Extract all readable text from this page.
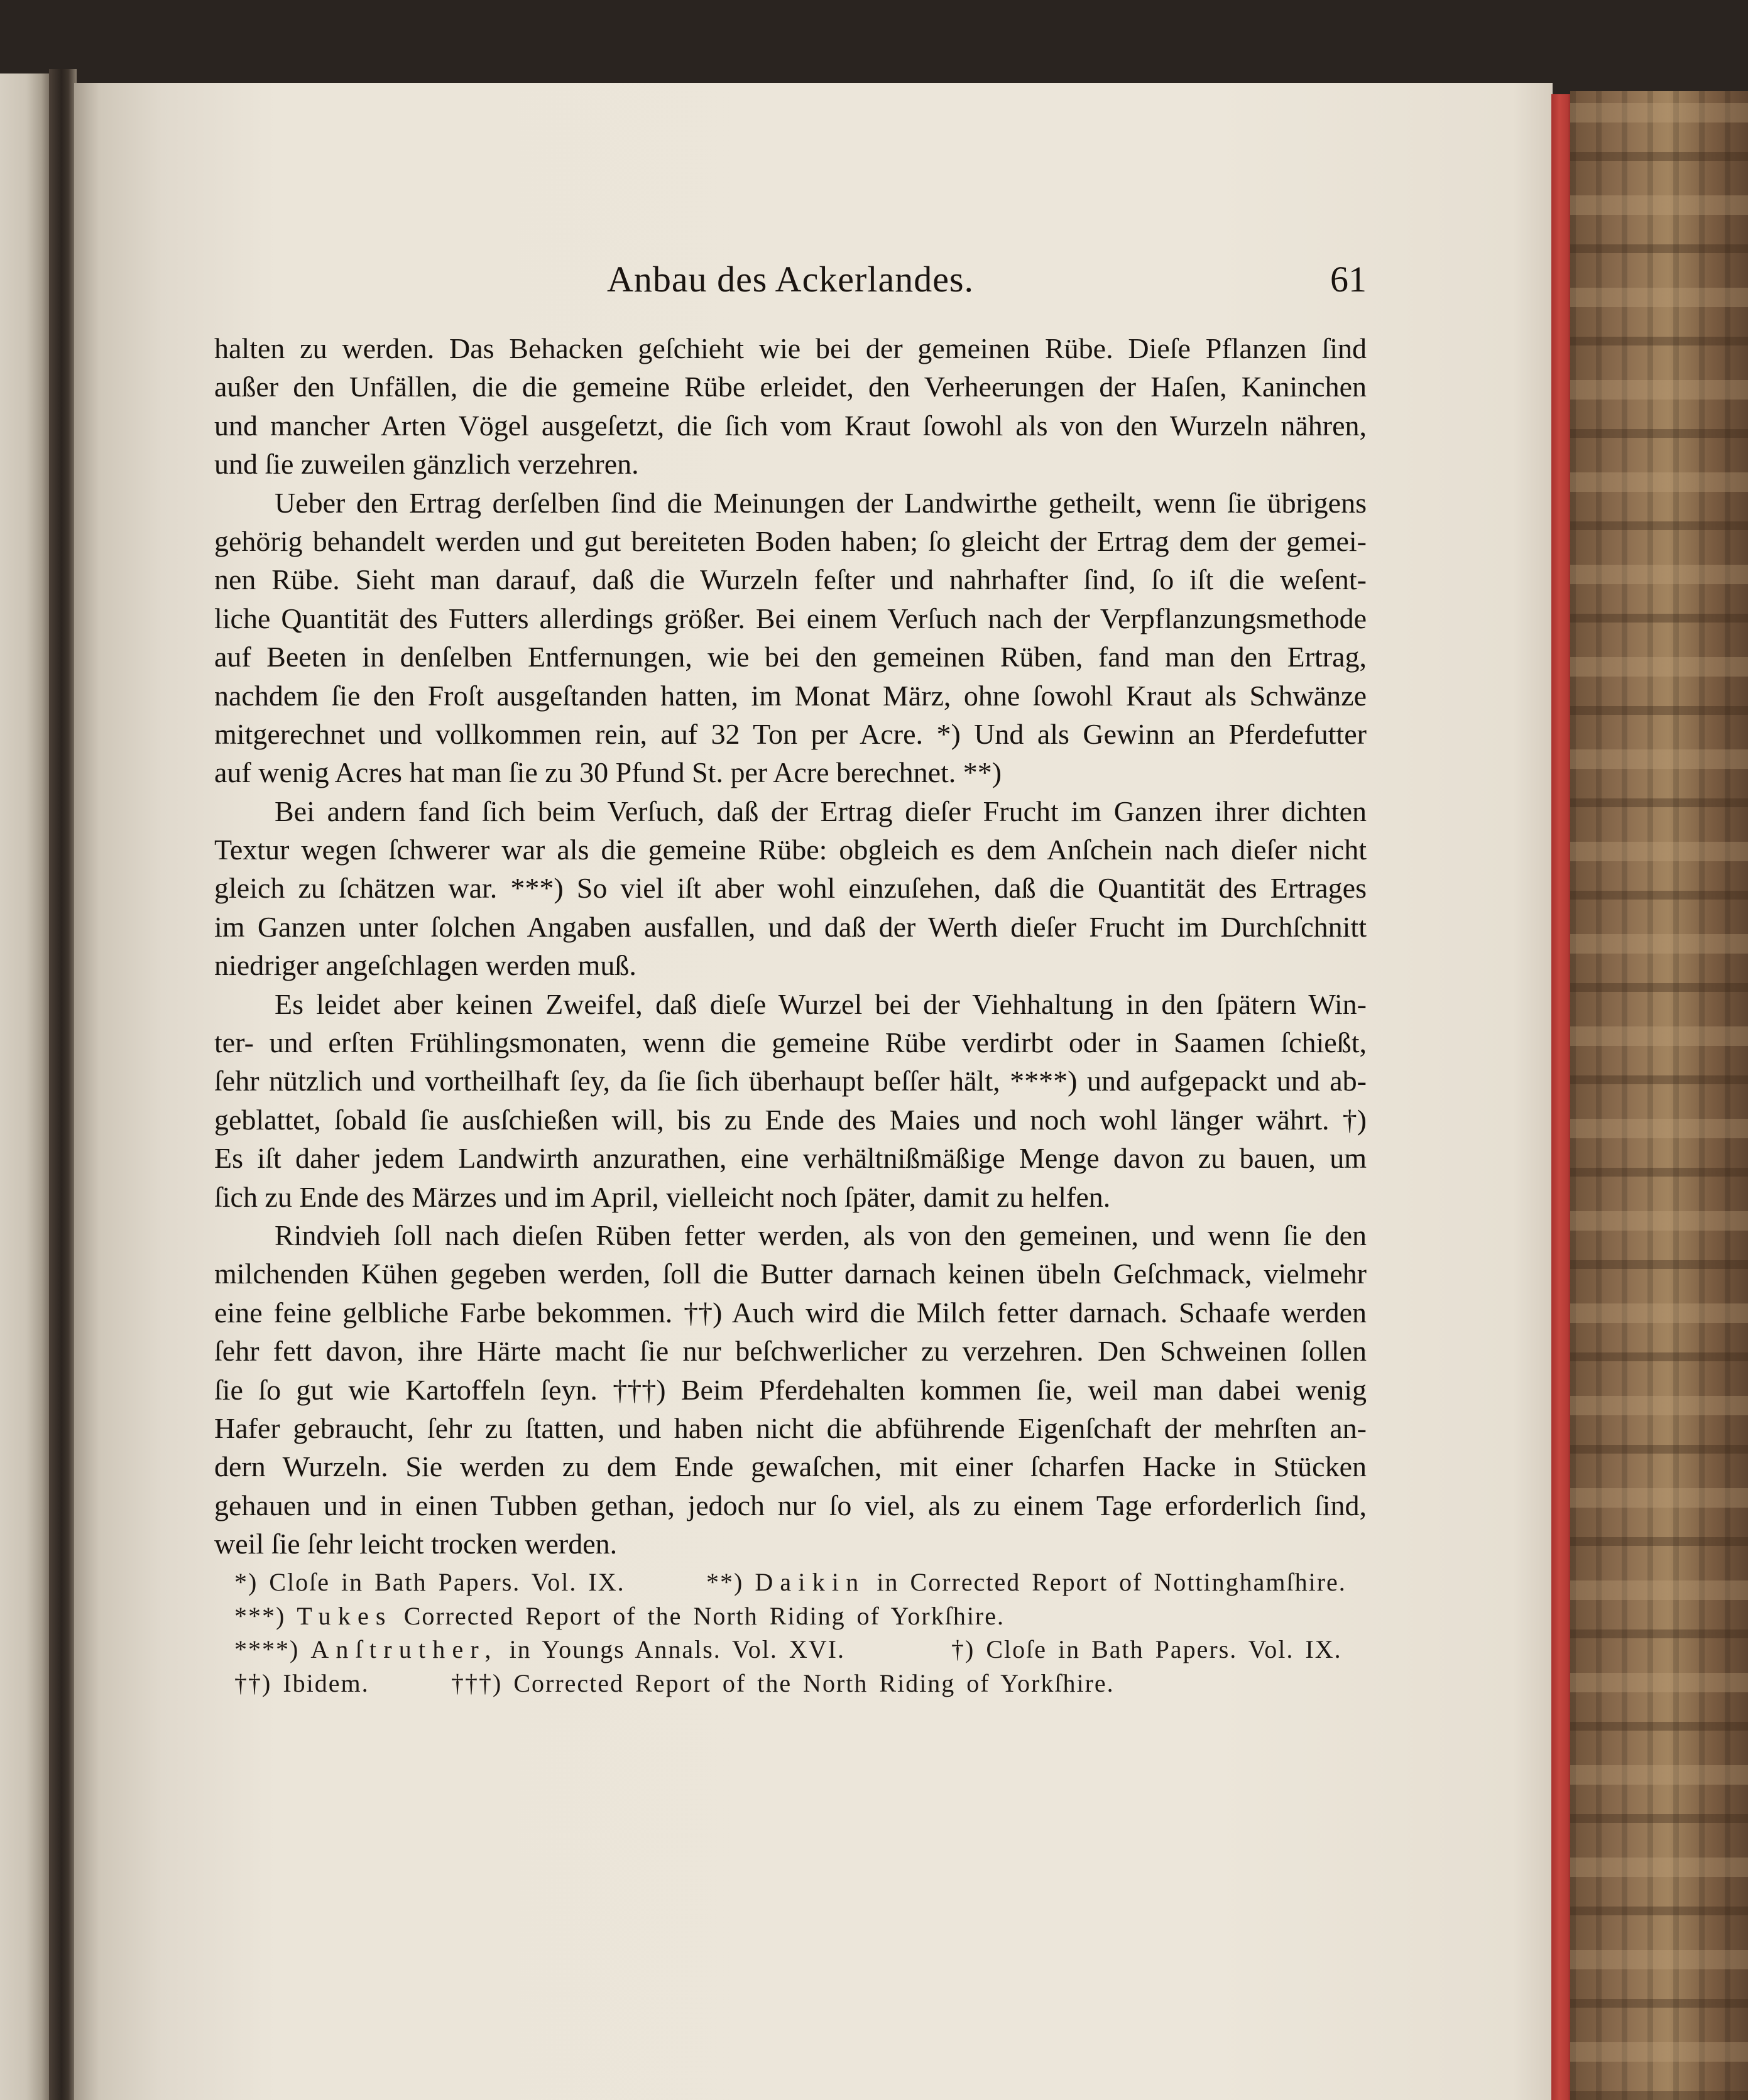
Anbau des Ackerlandes.	61
halten zu werden. Das Behacken geſchieht wie bei der gemeinen Rübe. Dieſe Pflanzen ſind
außer den Unfällen, die die gemeine Rübe erleidet, den Verheerungen der Haſen, Kaninchen
und mancher Arten Vögel ausgeſetzt, die ſich vom Kraut ſowohl als von den Wurzeln nähren,
und ſie zuweilen gänzlich verzehren.
Ueber den Ertrag derſelben ſind die Meinungen der Landwirthe getheilt, wenn ſie übrigens
gehörig behandelt werden und gut bereiteten Boden haben; ſo gleicht der Ertrag dem der gemei-
nen Rübe. Sieht man darauf, daß die Wurzeln feſter und nahrhafter ſind, ſo iſt die weſent-
liche Quantität des Futters allerdings größer. Bei einem Verſuch nach der Verpflanzungsmethode
auf Beeten in denſelben Entfernungen, wie bei den gemeinen Rüben, fand man den Ertrag,
nachdem ſie den Froſt ausgeſtanden hatten, im Monat März, ohne ſowohl Kraut als Schwänze
mitgerechnet und vollkommen rein, auf 32 Ton per Acre. *) Und als Gewinn an Pferdefutter
auf wenig Acres hat man ſie zu 30 Pfund St. per Acre berechnet. **)
Bei andern fand ſich beim Verſuch, daß der Ertrag dieſer Frucht im Ganzen ihrer dichten
Textur wegen ſchwerer war als die gemeine Rübe: obgleich es dem Anſchein nach dieſer nicht
gleich zu ſchätzen war. ***) So viel iſt aber wohl einzuſehen, daß die Quantität des Ertrages
im Ganzen unter ſolchen Angaben ausfallen, und daß der Werth dieſer Frucht im Durchſchnitt
niedriger angeſchlagen werden muß.
Es leidet aber keinen Zweifel, daß dieſe Wurzel bei der Viehhaltung in den ſpätern Win-
ter- und erſten Frühlingsmonaten, wenn die gemeine Rübe verdirbt oder in Saamen ſchießt,
ſehr nützlich und vortheilhaft ſey, da ſie ſich überhaupt beſſer hält, ****) und aufgepackt und ab-
geblattet, ſobald ſie ausſchießen will, bis zu Ende des Maies und noch wohl länger währt. †)
Es iſt daher jedem Landwirth anzurathen, eine verhältnißmäßige Menge davon zu bauen, um
ſich zu Ende des Märzes und im April, vielleicht noch ſpäter, damit zu helfen.
Rindvieh ſoll nach dieſen Rüben fetter werden, als von den gemeinen, und wenn ſie den
milchenden Kühen gegeben werden, ſoll die Butter darnach keinen übeln Geſchmack, vielmehr
eine feine gelbliche Farbe bekommen. ††) Auch wird die Milch fetter darnach. Schaafe werden
ſehr fett davon, ihre Härte macht ſie nur beſchwerlicher zu verzehren. Den Schweinen ſollen
ſie ſo gut wie Kartoffeln ſeyn. †††) Beim Pferdehalten kommen ſie, weil man dabei wenig
Hafer gebraucht, ſehr zu ſtatten, und haben nicht die abführende Eigenſchaft der mehrſten an-
dern Wurzeln. Sie werden zu dem Ende gewaſchen, mit einer ſcharfen Hacke in Stücken
gehauen und in einen Tubben gethan, jedoch nur ſo viel, als zu einem Tage erforderlich ſind,
weil ſie ſehr leicht trocken werden.
*) Cloſe in Bath Papers. Vol. IX.	**) Daikin in Corrected Report of Nottinghamſhire.
***) Tukes Corrected Report of the North Riding of Yorkſhire.
****) Anſtruther, in Youngs Annals. Vol. XVI.	†) Cloſe in Bath Papers. Vol. IX.
††) Ibidem.	†††) Corrected Report of the North Riding of Yorkſhire.
